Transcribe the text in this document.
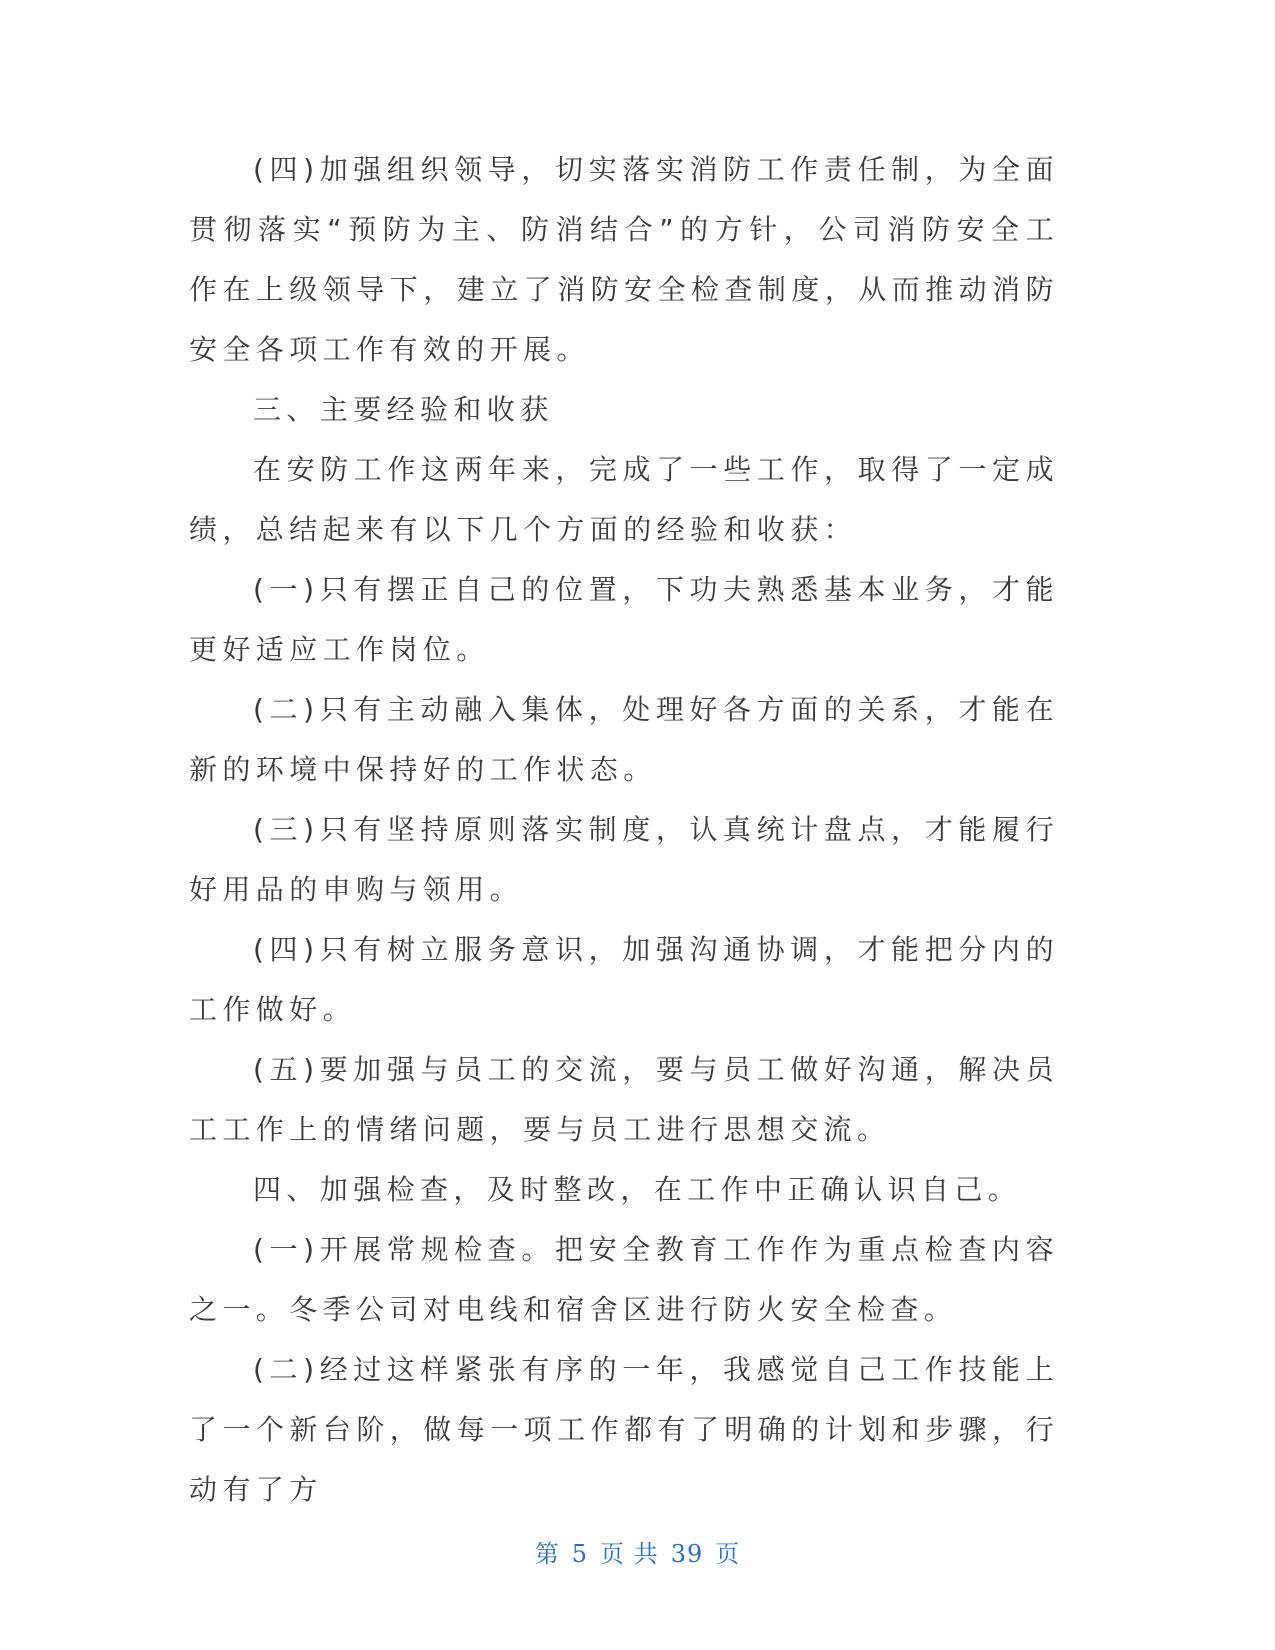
(四)加强组织领导，切实落实消防工作责任制，为全面贯彻落实“预防为主、防消结合”的方针，公司消防安全工作在上级领导下，建立了消防安全检查制度，从而推动消防安全各项工作有效的开展。

三、主要经验和收获

在安防工作这两年来，完成了一些工作，取得了一定成绩，总结起来有以下几个方面的经验和收获：

(一)只有摆正自己的位置，下功夫熟悉基本业务，才能更好适应工作岗位。

(二)只有主动融入集体，处理好各方面的关系，才能在新的环境中保持好的工作状态。

(三)只有坚持原则落实制度，认真统计盘点，才能履行好用品的申购与领用。

(四)只有树立服务意识，加强沟通协调，才能把分内的工作做好。

(五)要加强与员工的交流，要与员工做好沟通，解决员工工作上的情绪问题，要与员工进行思想交流。

四、加强检查，及时整改，在工作中正确认识自己。

(一)开展常规检查。把安全教育工作作为重点检查内容之一。冬季公司对电线和宿舍区进行防火安全检查。

(二)经过这样紧张有序的一年，我感觉自己工作技能上了一个新台阶，做每一项工作都有了明确的计划和步骤，行动有了方

第 5 页 共 39 页
